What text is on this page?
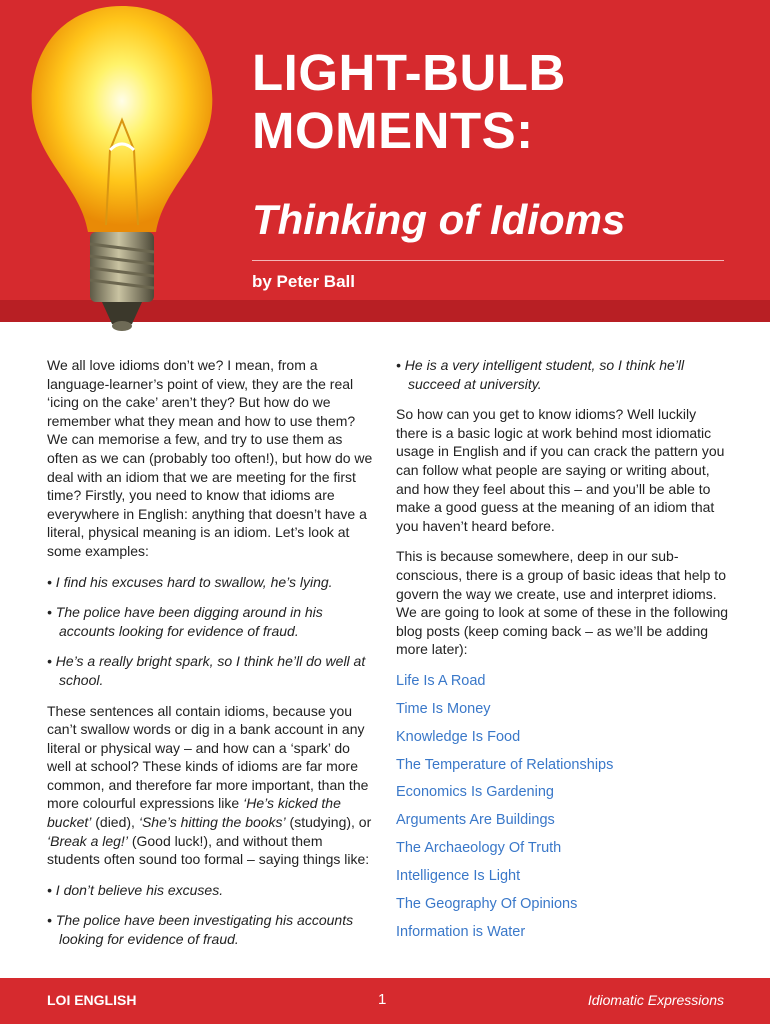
LIGHT-BULB
MOMENTS:
Thinking of Idioms
by Peter Ball

We all love idioms don’t we? I mean, from a language-learner’s point of view, they are the real ‘icing on the cake’ aren’t they? But how do we remember what they mean and how to use them? We can memorise a few, and try to use them as often as we can (probably too often!), but how do we deal with an idiom that we are meeting for the first time? Firstly, you need to know that idioms are everywhere in English: anything that doesn’t have a literal, physical meaning is an idiom. Let’s look at some examples:

• I find his excuses hard to swallow, he’s lying.

• The police have been digging around in his accounts looking for evidence of fraud.

• He’s a really bright spark, so I think he’ll do well at school.

These sentences all contain idioms, because you can’t swallow words or dig in a bank account in any literal or physical way – and how can a ‘spark’ do well at school? These kinds of idioms are far more common, and therefore far more important, than the more colourful expressions like ‘He’s kicked the bucket’ (died), ‘She’s hitting the books’ (studying), or ‘Break a leg!’ (Good luck!), and without them students often sound too formal – saying things like:

• I don’t believe his excuses.

• The police have been investigating his accounts looking for evidence of fraud.

• He is a very intelligent student, so I think he’ll succeed at university.

So how can you get to know idioms? Well luckily there is a basic logic at work behind most idiomatic usage in English and if you can crack the pattern you can follow what people are saying or writing about, and how they feel about this – and you’ll be able to make a good guess at the meaning of an idiom that you haven’t heard before.

This is because somewhere, deep in our sub-conscious, there is a group of basic ideas that help to govern the way we create, use and interpret idioms. We are going to look at some of these in the following blog posts (keep coming back – as we’ll be adding more later):

Life Is A Road
Time Is Money
Knowledge Is Food
The Temperature of Relationships
Economics Is Gardening
Arguments Are Buildings
The Archaeology Of Truth
Intelligence Is Light
The Geography Of Opinions
Information is Water
LOI ENGLISH	1	Idiomatic Expressions
